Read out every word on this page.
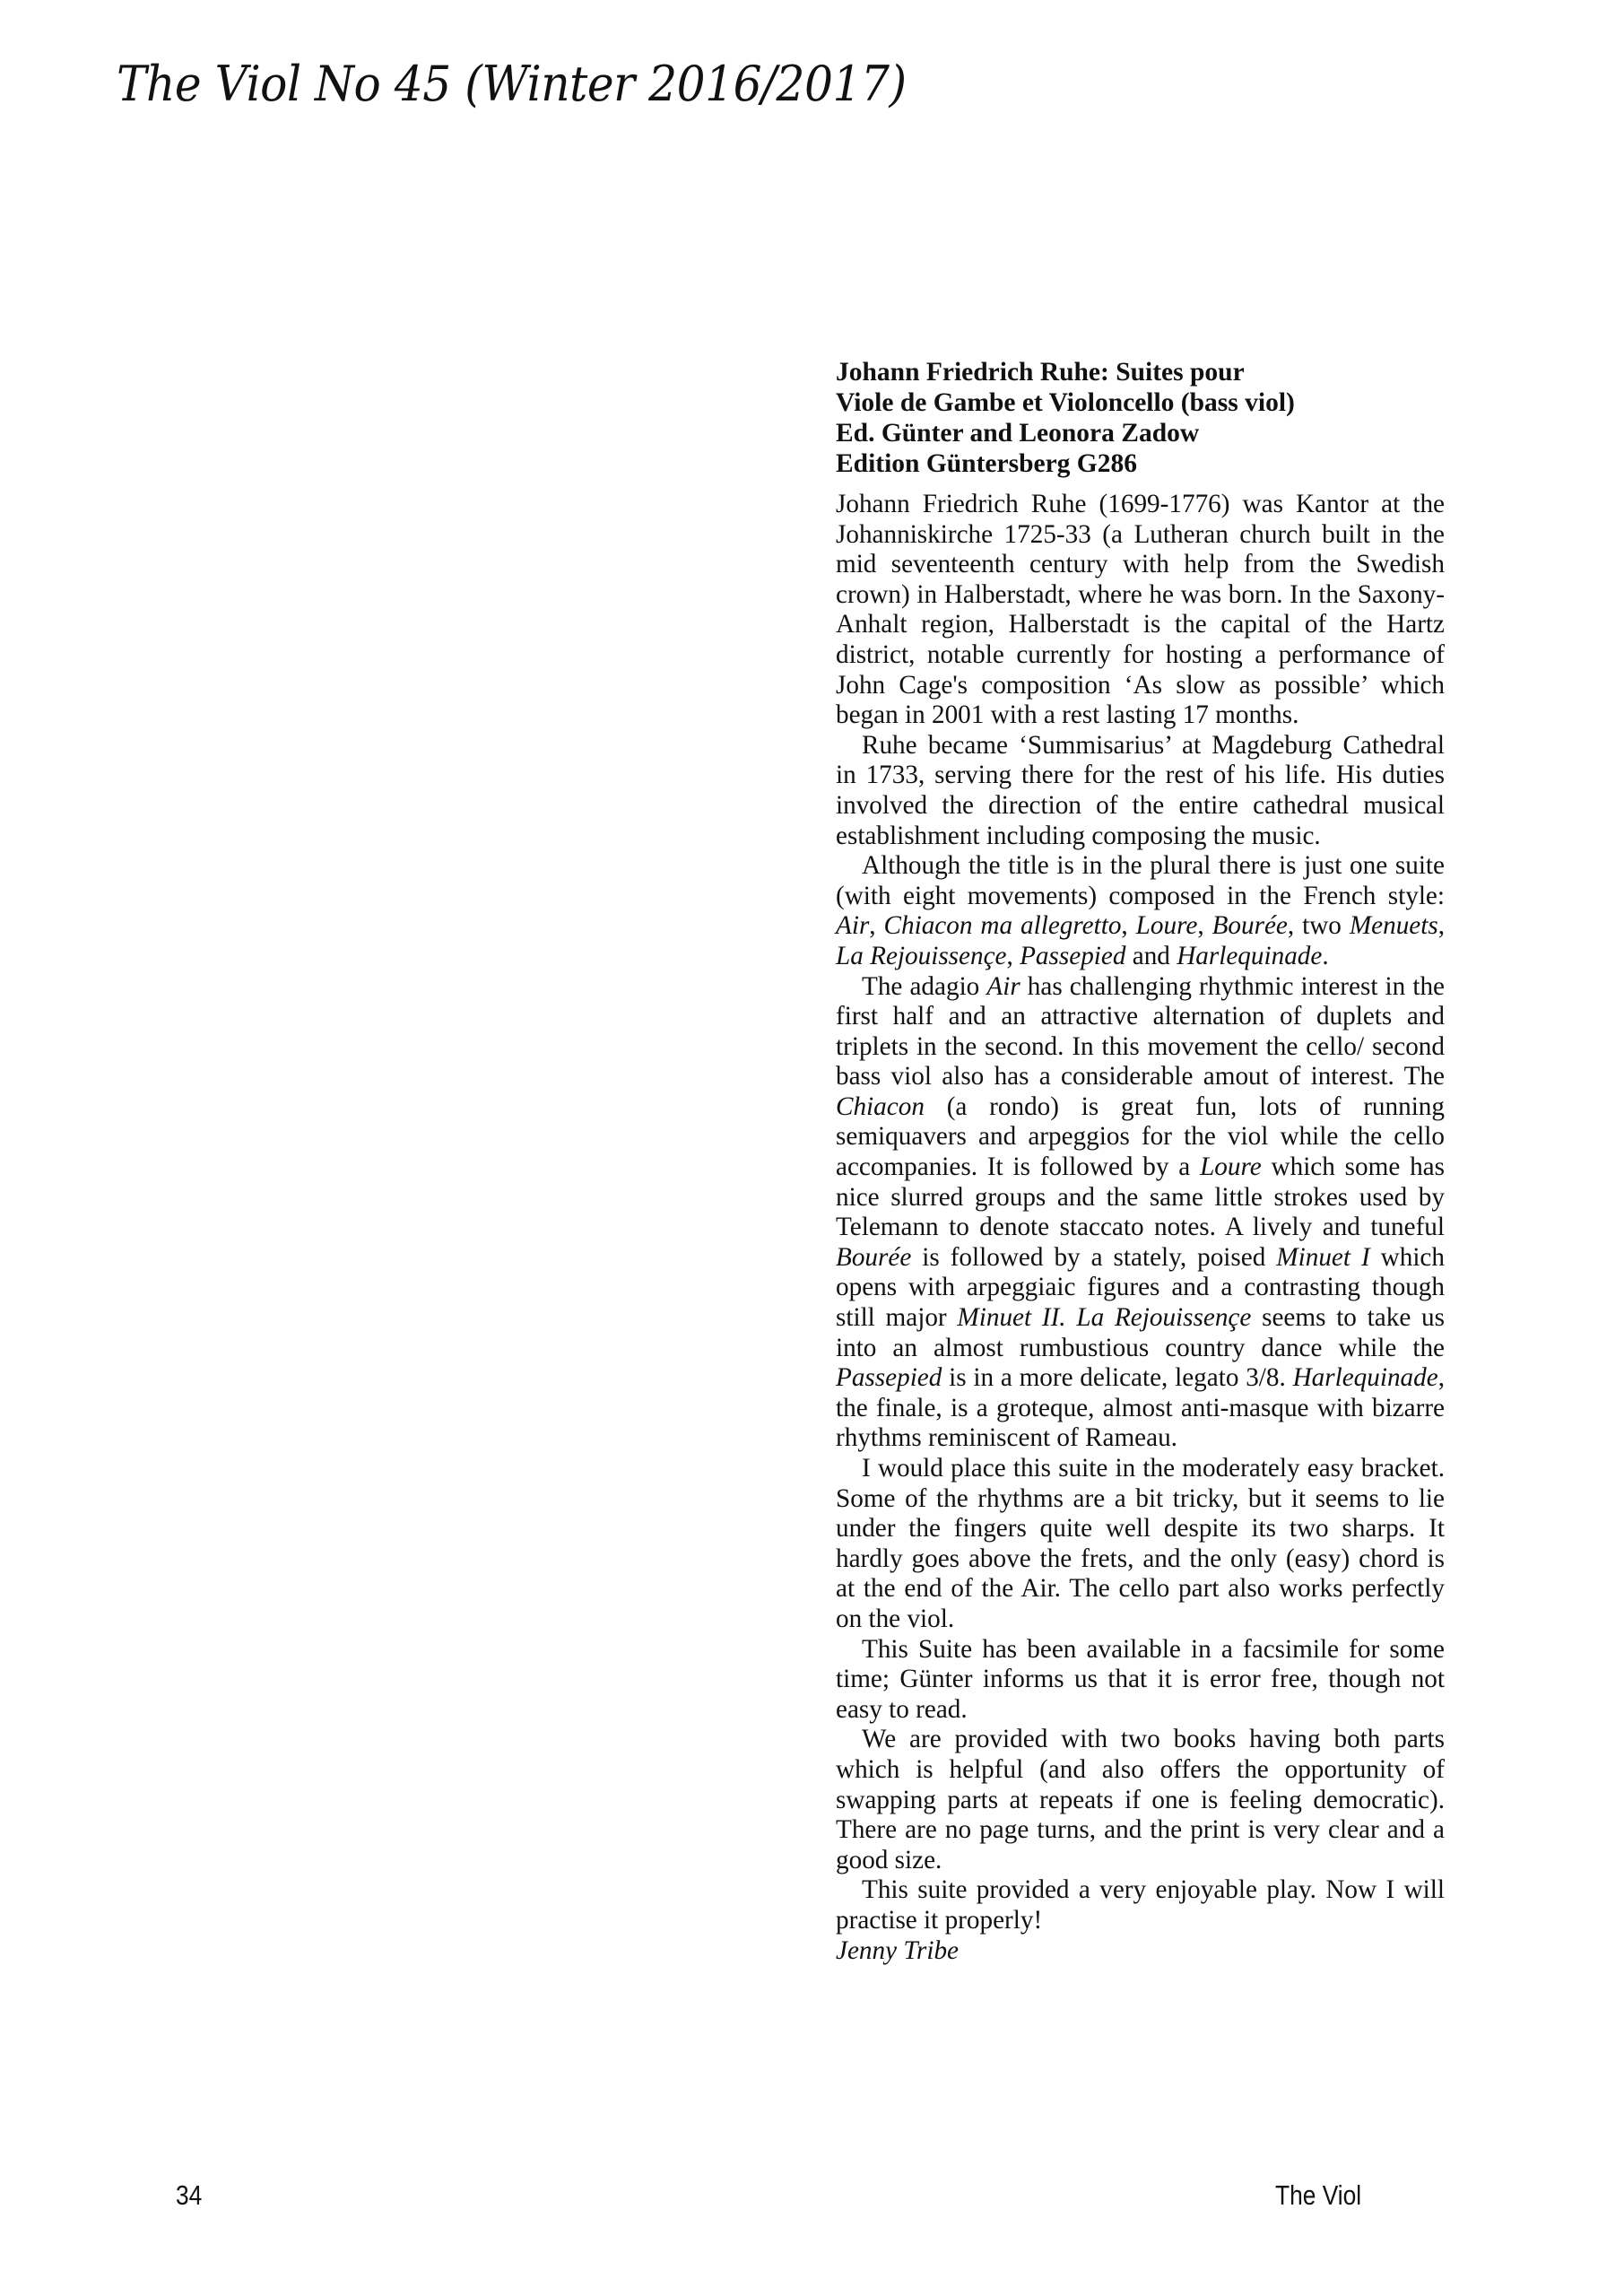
The Viol No 45 (Winter 2016/2017)
Johann Friedrich Ruhe: Suites pour
Viole de Gambe et Violoncello (bass viol)
Ed. Günter and Leonora Zadow
Edition Güntersberg G286

Johann Friedrich Ruhe (1699-1776) was Kantor at the Johanniskirche 1725-33 (a Lutheran church built in the mid seventeenth century with help from the Swedish crown) in Halberstadt, where he was born. In the Saxony-Anhalt region, Halberstadt is the capital of the Hartz district, notable currently for hosting a performance of John Cage's composition ‘As slow as possible’ which began in 2001 with a rest lasting 17 months.

Ruhe became ‘Summisarius’ at Magdeburg Cathedral in 1733, serving there for the rest of his life. His duties involved the direction of the entire cathedral musical establishment including composing the music.

Although the title is in the plural there is just one suite (with eight movements) composed in the French style: Air, Chiacon ma allegretto, Loure, Bourée, two Menuets, La Rejouissençe, Passepied and Harlequinade.

The adagio Air has challenging rhythmic interest in the first half and an attractive alternation of duplets and triplets in the second. In this movement the cello/ second bass viol also has a considerable amout of interest. The Chiacon (a rondo) is great fun, lots of running semiquavers and arpeggios for the viol while the cello accompanies. It is followed by a Loure which some has nice slurred groups and the same little strokes used by Telemann to denote staccato notes. A lively and tuneful Bourée is followed by a stately, poised Minuet I which opens with arpeggiaic figures and a contrasting though still major Minuet II. La Rejouissençe seems to take us into an almost rumbustious country dance while the Passepied is in a more delicate, legato 3/8. Harlequinade, the finale, is a groteque, almost anti-masque with bizarre rhythms reminiscent of Rameau.

I would place this suite in the moderately easy bracket. Some of the rhythms are a bit tricky, but it seems to lie under the fingers quite well despite its two sharps. It hardly goes above the frets, and the only (easy) chord is at the end of the Air. The cello part also works perfectly on the viol.

This Suite has been available in a facsimile for some time; Günter informs us that it is error free, though not easy to read.

We are provided with two books having both parts which is helpful (and also offers the opportunity of swapping parts at repeats if one is feeling democratic). There are no page turns, and the print is very clear and a good size.

This suite provided a very enjoyable play. Now I will practise it properly!

Jenny Tribe
34	The Viol
